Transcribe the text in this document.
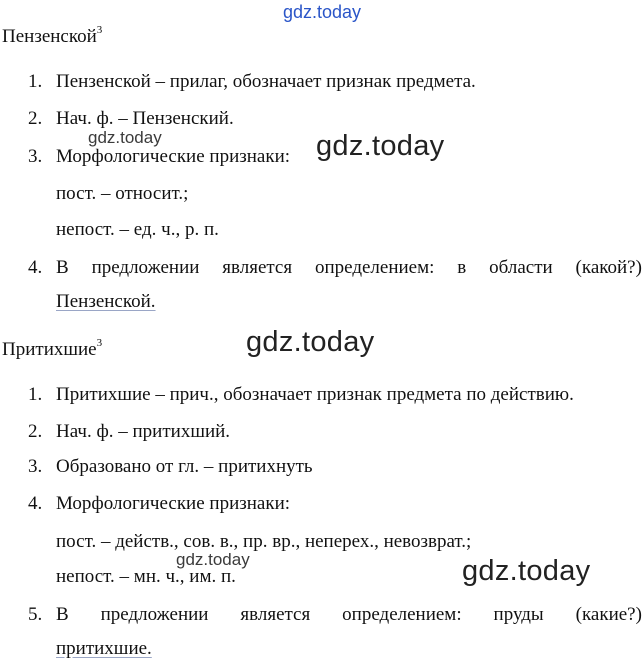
gdz.today
gdz.today	gdz.today
gdz.today
gdz.today	gdz.today
Пензенской$^3$
1. Пензенской – прилаг, обозначает признак предмета.
2. Нач. ф. – Пензенский.
3. Морфологические признаки:
пост. – относит.;
непост. – ед. ч., р. п.
4. В предложении является определением: в области (какой?)
Пензенской.
Притихшие$^3$
1. Притихшие – прич., обозначает признак предмета по действию.
2. Нач. ф. – притихший.
3. Образовано от гл. – притихнуть
4. Морфологические признаки:
пост. – действ., сов. в., пр. вр., неперех., невозврат.;
непост. – мн. ч., им. п.
5. В предложении является определением: пруды (какие?)
притихшие.
